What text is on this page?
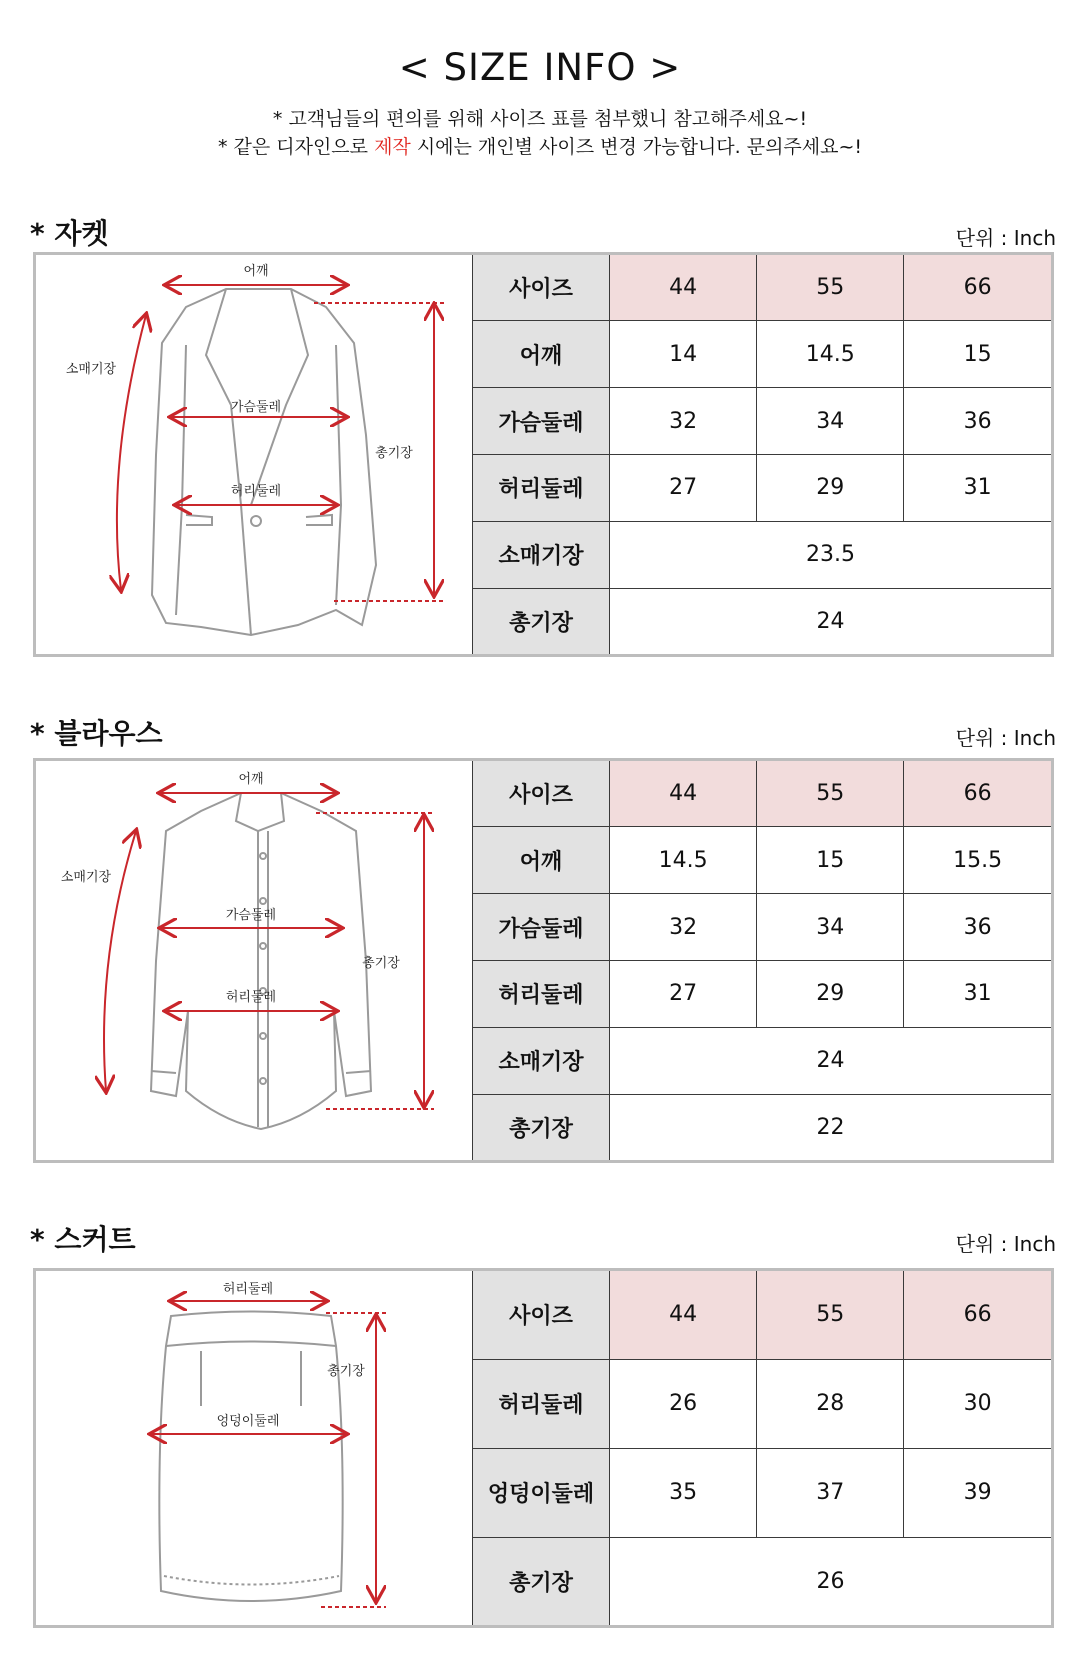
< SIZE INFO >
* 고객님들의 편의를 위해 사이즈 표를 첨부했니 참고해주세요~!
* 같은 디자인으로 제작 시에는 개인별 사이즈 변경 가능합니다. 문의주세요~!
* 자켓	단위 : Inch
어깨
소매기장
가슴둘레
허리둘레
총기장
사이즈	44	55	66
어깨	14	14.5	15
가슴둘레	32	34	36
허리둘레	27	29	31
소매기장	23.5		
총기장	24		
* 블라우스	단위 : Inch
어깨
소매기장
가슴둘레
허리둘레
총기장
사이즈	44	55	66
어깨	14.5	15	15.5
가슴둘레	32	34	36
허리둘레	27	29	31
소매기장	24		
총기장	22		
* 스커트	단위 : Inch
허리둘레
엉덩이둘레
총기장
사이즈	44	55	66
허리둘레	26	28	30
엉덩이둘레	35	37	39
총기장	26		
